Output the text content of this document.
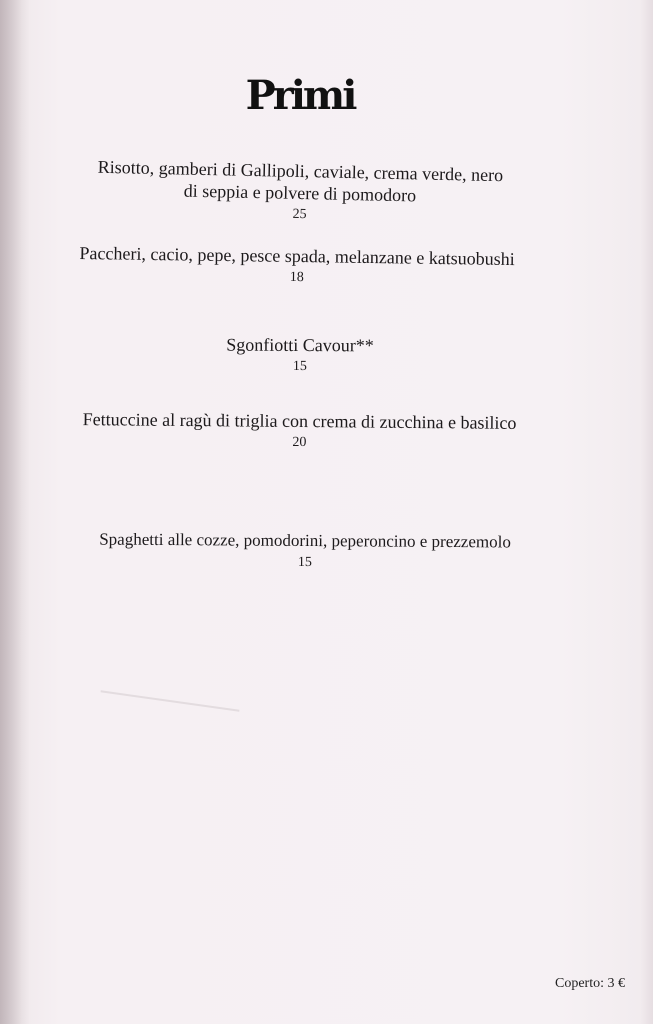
Primi
Risotto, gamberi di Gallipoli, caviale, crema verde, nero di seppia e polvere di pomodoro
25
Paccheri, cacio, pepe, pesce spada, melanzane e katsuobushi
18
Sgonfiotti Cavour**
15
Fettuccine al ragù di triglia con crema di zucchina e basilico
20
Spaghetti alle cozze, pomodorini, peperoncino e prezzemolo
15
Coperto: 3 €
